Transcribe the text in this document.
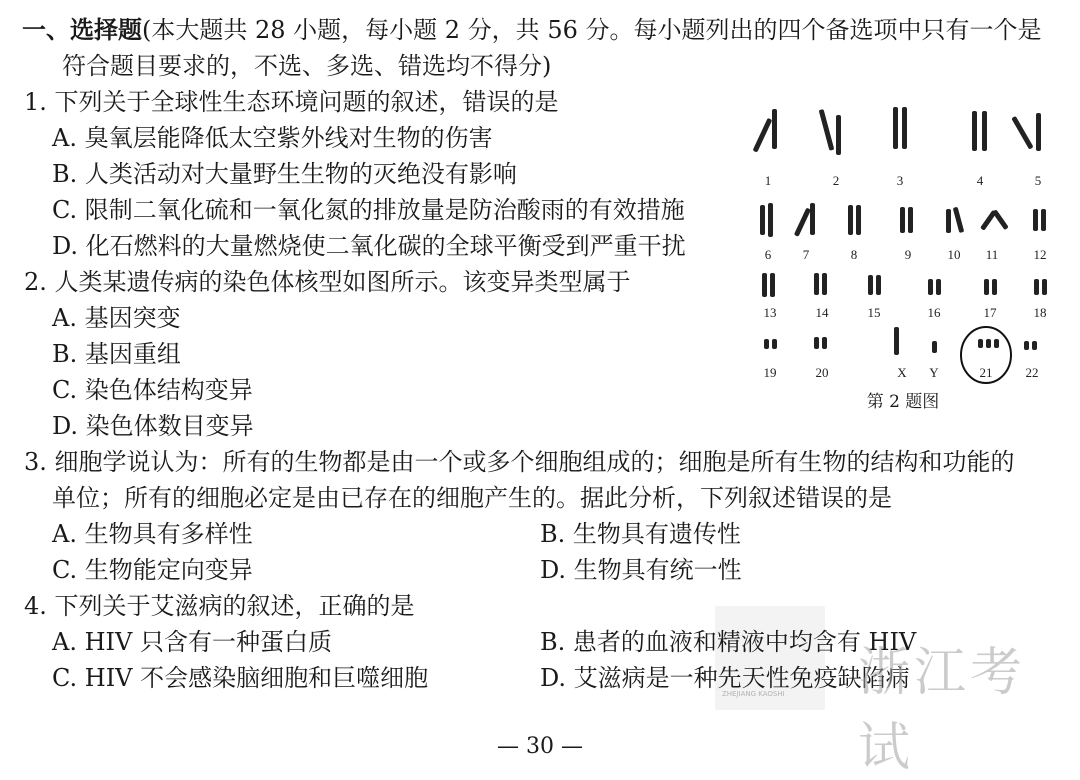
一、选择题(本大题共 28 小题，每小题 2 分，共 56 分。每小题列出的四个备选项中只有一个是
符合题目要求的，不选、多选、错选均不得分)
1. 下列关于全球性生态环境问题的叙述，错误的是
A. 臭氧层能降低太空紫外线对生物的伤害
B. 人类活动对大量野生生物的灭绝没有影响
C. 限制二氧化硫和一氧化氮的排放量是防治酸雨的有效措施
D. 化石燃料的大量燃烧使二氧化碳的全球平衡受到严重干扰
2. 人类某遗传病的染色体核型如图所示。该变异类型属于
A. 基因突变
B. 基因重组
C. 染色体结构变异
D. 染色体数目变异
1	2	3	4	5
6 7	8	9	10 11	12
13	14	15	16	17	18
19	20	X Y	21	22
第 2 题图
3. 细胞学说认为：所有的生物都是由一个或多个细胞组成的；细胞是所有生物的结构和功能的
单位；所有的细胞必定是由已存在的细胞产生的。据此分析，下列叙述错误的是
A. 生物具有多样性	B. 生物具有遗传性
C. 生物能定向变异	D. 生物具有统一性
4. 下列关于艾滋病的叙述，正确的是
A. HIV 只含有一种蛋白质	B. 患者的血液和精液中均含有 HIV
C. HIV 不会感染脑细胞和巨噬细胞	D. 艾滋病是一种先天性免疫缺陷病
浙江考试
ZHEJIANG KAOSHI
— 30 —
